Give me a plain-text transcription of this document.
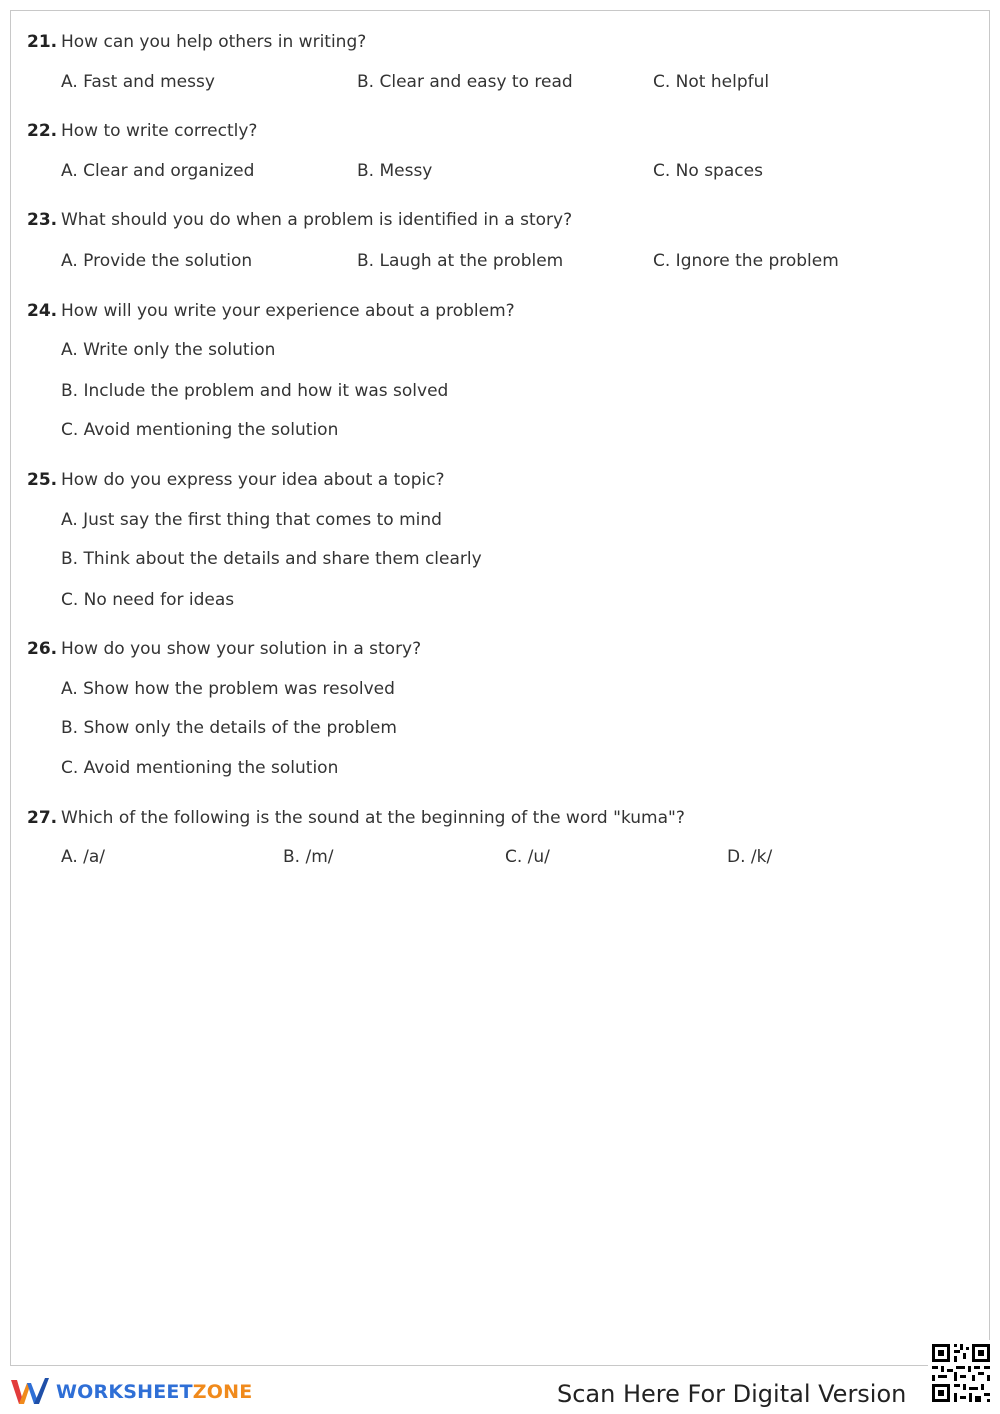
21. How can you help others in writing?
A. Fast and messy	B. Clear and easy to read	C. Not helpful
22. How to write correctly?
A. Clear and organized	B. Messy	C. No spaces
23. What should you do when a problem is identified in a story?
A. Provide the solution	B. Laugh at the problem	C. Ignore the problem
24. How will you write your experience about a problem?
A. Write only the solution
B. Include the problem and how it was solved
C. Avoid mentioning the solution
25. How do you express your idea about a topic?
A. Just say the first thing that comes to mind
B. Think about the details and share them clearly
C. No need for ideas
26. How do you show your solution in a story?
A. Show how the problem was resolved
B. Show only the details of the problem
C. Avoid mentioning the solution
27. Which of the following is the sound at the beginning of the word "kuma"?
A. /a/	B. /m/	C. /u/	D. /k/
WORKSHEETZONE	Scan Here For Digital Version
